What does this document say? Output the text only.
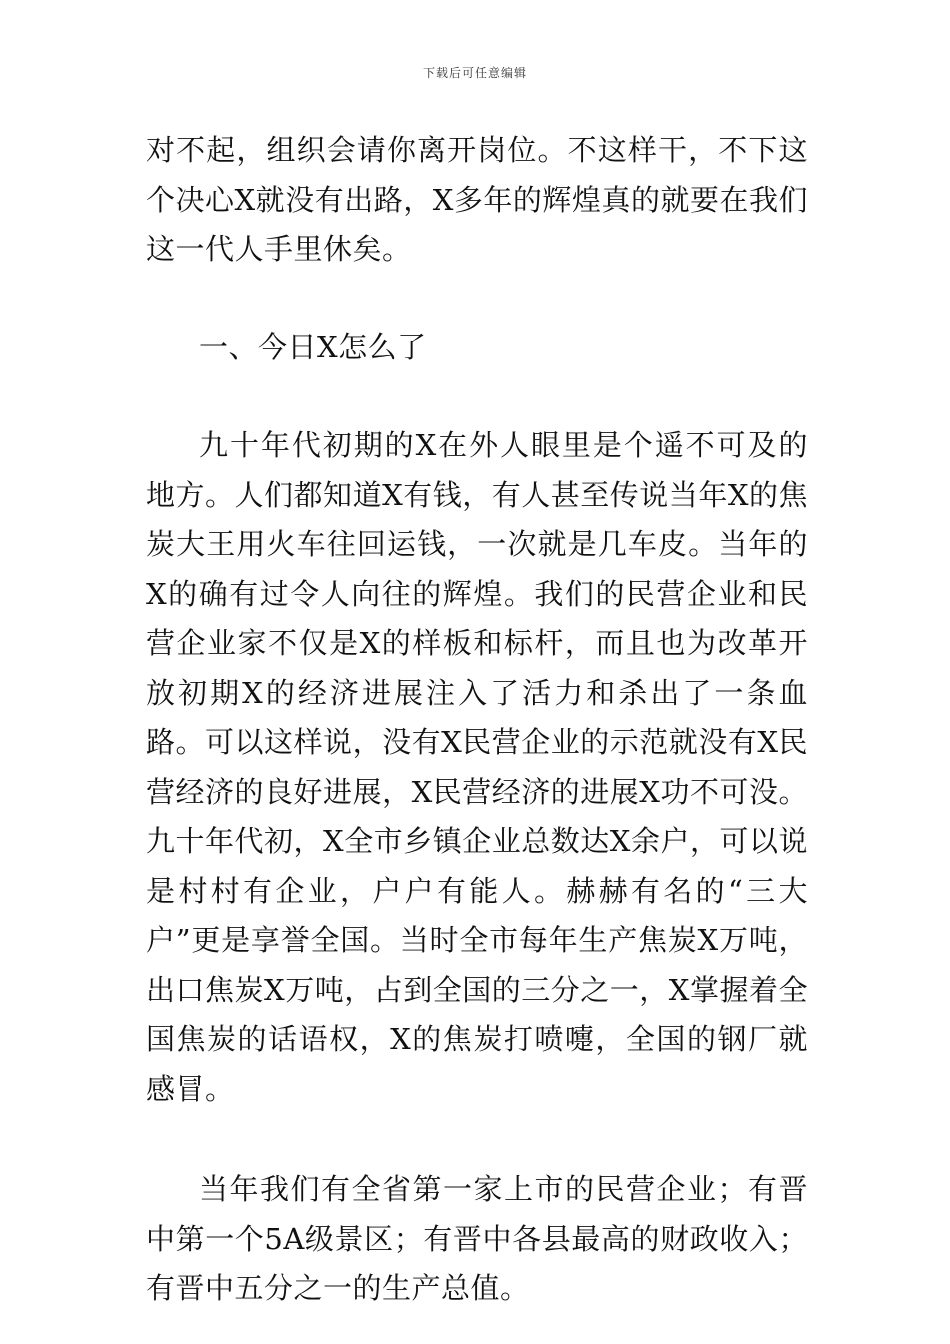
下载后可任意编辑

对不起，组织会请你离开岗位。不这样干，不下这个决心X就没有出路，X多年的辉煌真的就要在我们这一代人手里休矣。

一、今日X怎么了

九十年代初期的X在外人眼里是个遥不可及的地方。人们都知道X有钱，有人甚至传说当年X的焦炭大王用火车往回运钱，一次就是几车皮。当年的X的确有过令人向往的辉煌。我们的民营企业和民营企业家不仅是X的样板和标杆，而且也为改革开放初期X的经济进展注入了活力和杀出了一条血路。可以这样说，没有X民营企业的示范就没有X民营经济的良好进展，X民营经济的进展X功不可没。九十年代初，X全市乡镇企业总数达X余户，可以说是村村有企业，户户有能人。赫赫有名的“三大户”更是享誉全国。当时全市每年生产焦炭X万吨，出口焦炭X万吨，占到全国的三分之一，X掌握着全国焦炭的话语权，X的焦炭打喷嚏，全国的钢厂就感冒。

当年我们有全省第一家上市的民营企业；有晋中第一个5A级景区；有晋中各县最高的财政收入；有晋中五分之一的生产总值。
